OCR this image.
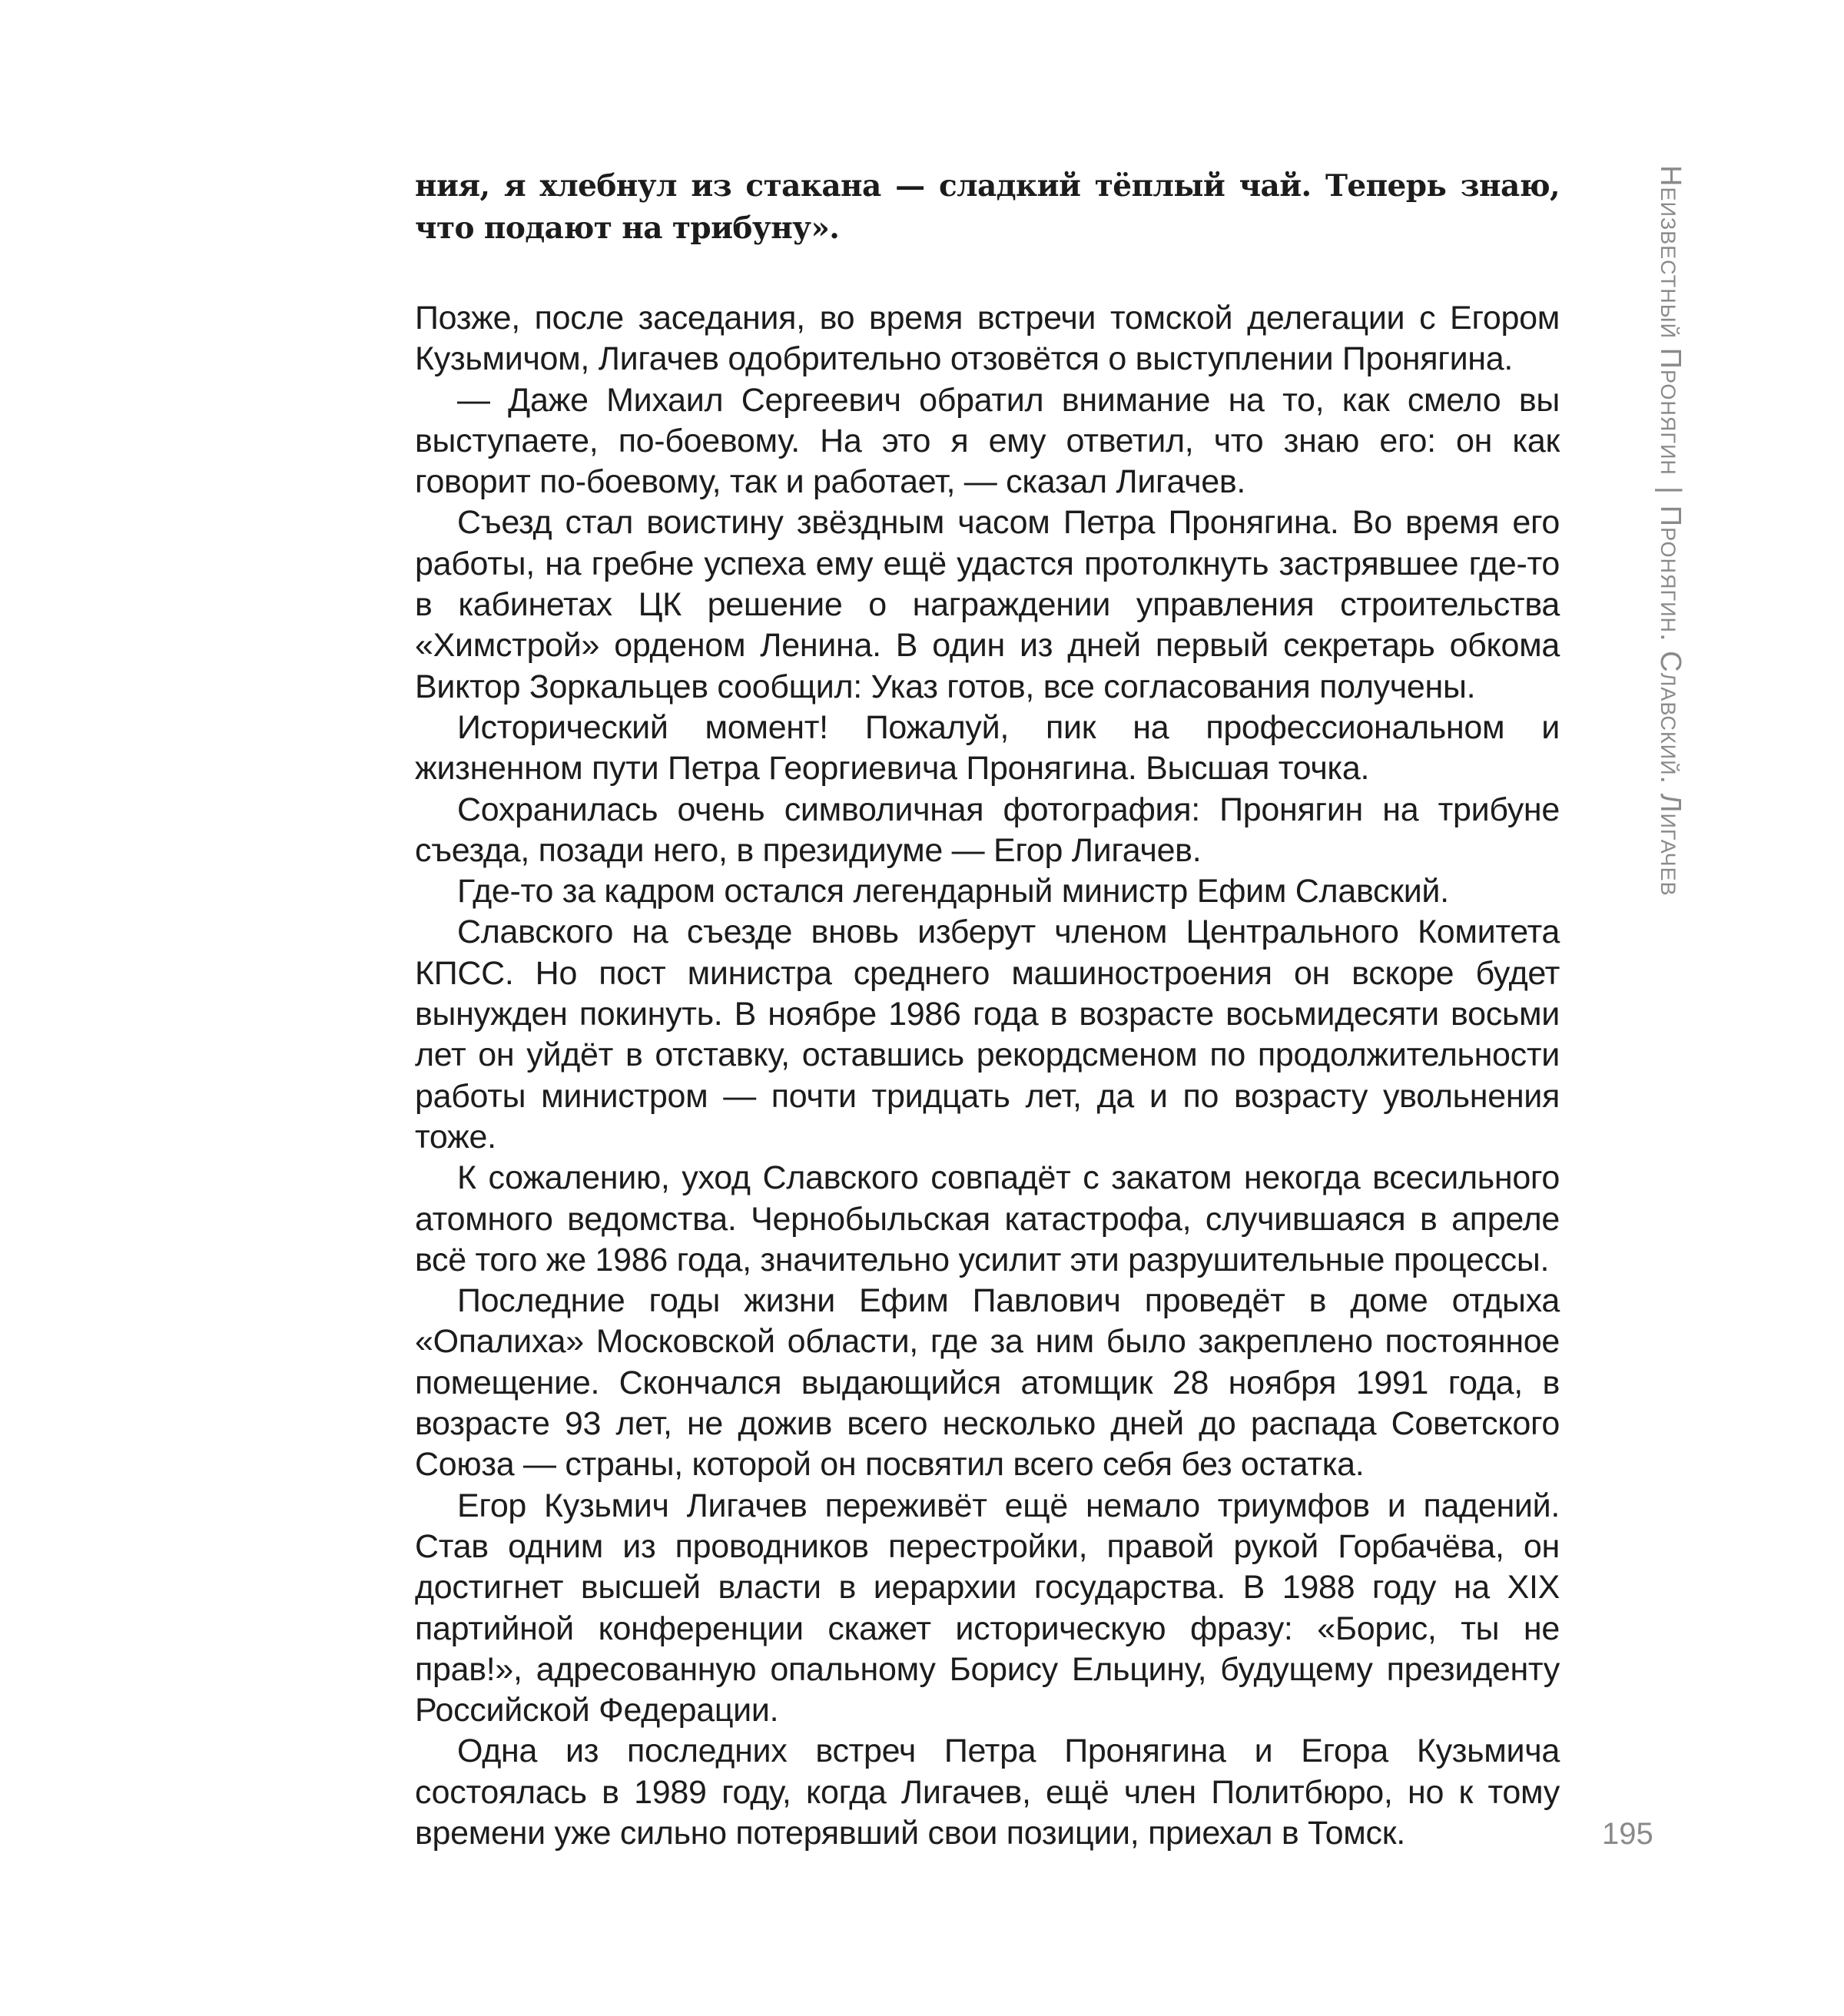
ния, я хлебнул из стакана — сладкий тёплый чай. Теперь знаю, что подают на трибуну».

Позже, после заседания, во время встречи томской делегации с Егором Кузьмичом, Лигачев одобрительно отзовётся о выступлении Пронягина.

— Даже Михаил Сергеевич обратил внимание на то, как смело вы выступаете, по-боевому. На это я ему ответил, что знаю его: он как говорит по-боевому, так и работает, — сказал Лигачев.

Съезд стал воистину звёздным часом Петра Пронягина. Во время его работы, на гребне успеха ему ещё удастся протолкнуть застрявшее где-то в кабинетах ЦК решение о награждении управления строительства «Химстрой» орденом Ленина. В один из дней первый секретарь обкома Виктор Зоркальцев сообщил: Указ готов, все согласования получены.

Исторический момент! Пожалуй, пик на профессиональном и жизненном пути Петра Георгиевича Пронягина. Высшая точка.

Сохранилась очень символичная фотография: Пронягин на трибуне съезда, позади него, в президиуме — Егор Лигачев.

Где-то за кадром остался легендарный министр Ефим Славский.

Славского на съезде вновь изберут членом Центрального Комитета КПСС. Но пост министра среднего машиностроения он вскоре будет вынужден покинуть. В ноябре 1986 года в возрасте восьмидесяти восьми лет он уйдёт в отставку, оставшись рекордсменом по продолжительности работы министром — почти тридцать лет, да и по возрасту увольнения тоже.

К сожалению, уход Славского совпадёт с закатом некогда всесильного атомного ведомства. Чернобыльская катастрофа, случившаяся в апреле всё того же 1986 года, значительно усилит эти разрушительные процессы.

Последние годы жизни Ефим Павлович проведёт в доме отдыха «Опалиха» Московской области, где за ним было закреплено постоянное помещение. Скончался выдающийся атомщик 28 ноября 1991 года, в возрасте 93 лет, не дожив всего несколько дней до распада Советского Союза — страны, которой он посвятил всего себя без остатка.

Егор Кузьмич Лигачев переживёт ещё немало триумфов и падений. Став одним из проводников перестройки, правой рукой Горбачёва, он достигнет высшей власти в иерархии государства. В 1988 году на XIX партийной конференции скажет историческую фразу: «Борис, ты не прав!», адресованную опальному Борису Ельцину, будущему президенту Российской Федерации.

Одна из последних встреч Петра Пронягина и Егора Кузьмича состоялась в 1989 году, когда Лигачев, ещё член Политбюро, но к тому времени уже сильно потерявший свои позиции, приехал в Томск.

Неизвестный Пронягин|Пронягин. Славский. Лигачев
195
